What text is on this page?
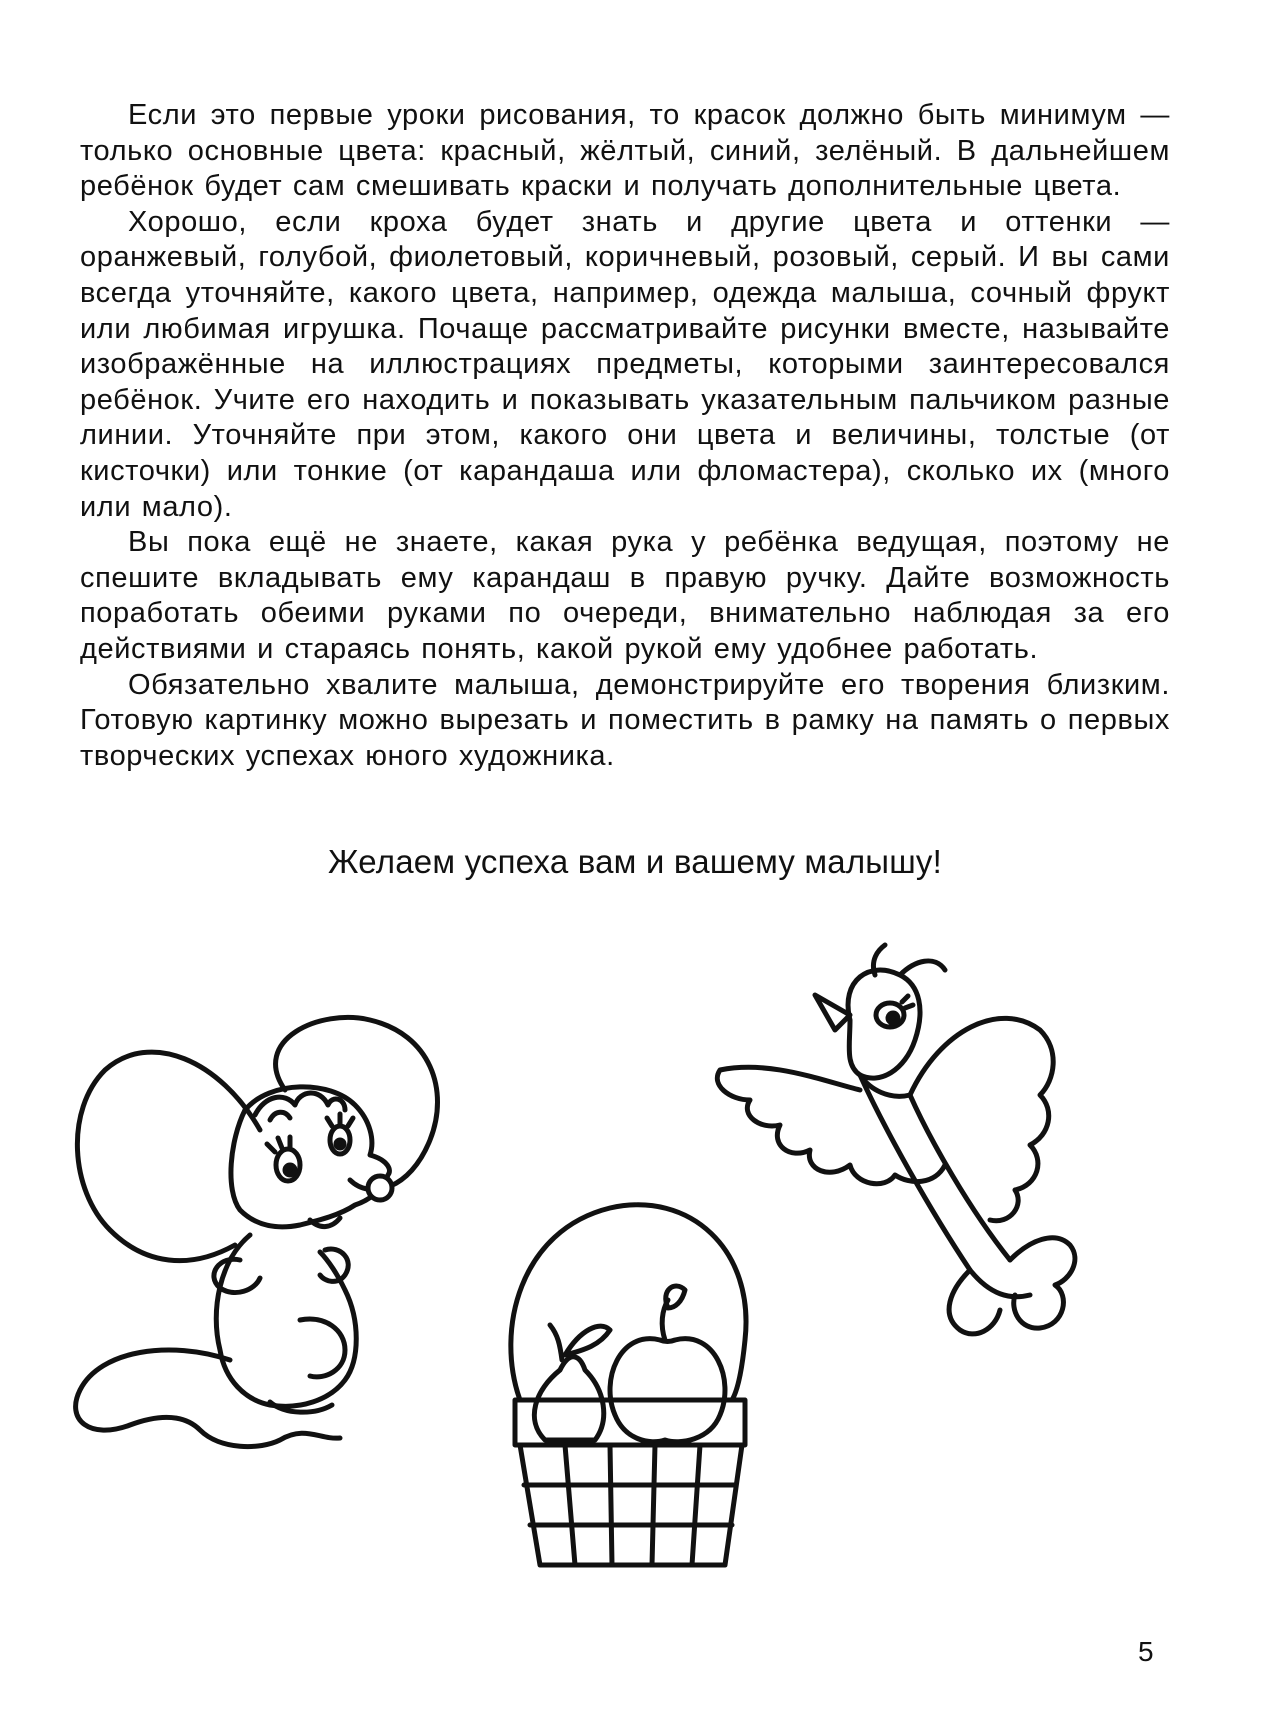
Если это первые уроки рисования, то красок должно быть минимум — только основные цвета: красный, жёлтый, синий, зелёный. В дальнейшем ребёнок будет сам смешивать краски и получать дополнительные цвета.

Хорошо, если кроха будет знать и другие цвета и оттенки — оранжевый, голубой, фиолетовый, коричневый, розовый, серый. И вы сами всегда уточняйте, какого цвета, например, одежда малыша, сочный фрукт или любимая игрушка. Почаще рассматривайте рисунки вместе, называйте изображённые на иллюстрациях предметы, которыми заинтересовался ребёнок. Учите его находить и показывать указательным пальчиком разные линии. Уточняйте при этом, какого они цвета и величины, толстые (от кисточки) или тонкие (от карандаша или фломастера), сколько их (много или мало).

Вы пока ещё не знаете, какая рука у ребёнка ведущая, поэтому не спешите вкладывать ему карандаш в правую ручку. Дайте возможность поработать обеими руками по очереди, внимательно наблюдая за его действиями и стараясь понять, какой рукой ему удобнее работать.

Обязательно хвалите малыша, демонстрируйте его творения близким. Готовую картинку можно вырезать и поместить в рамку на память о первых творческих успехах юного художника.

Желаем успеха вам и вашему малышу!
5
